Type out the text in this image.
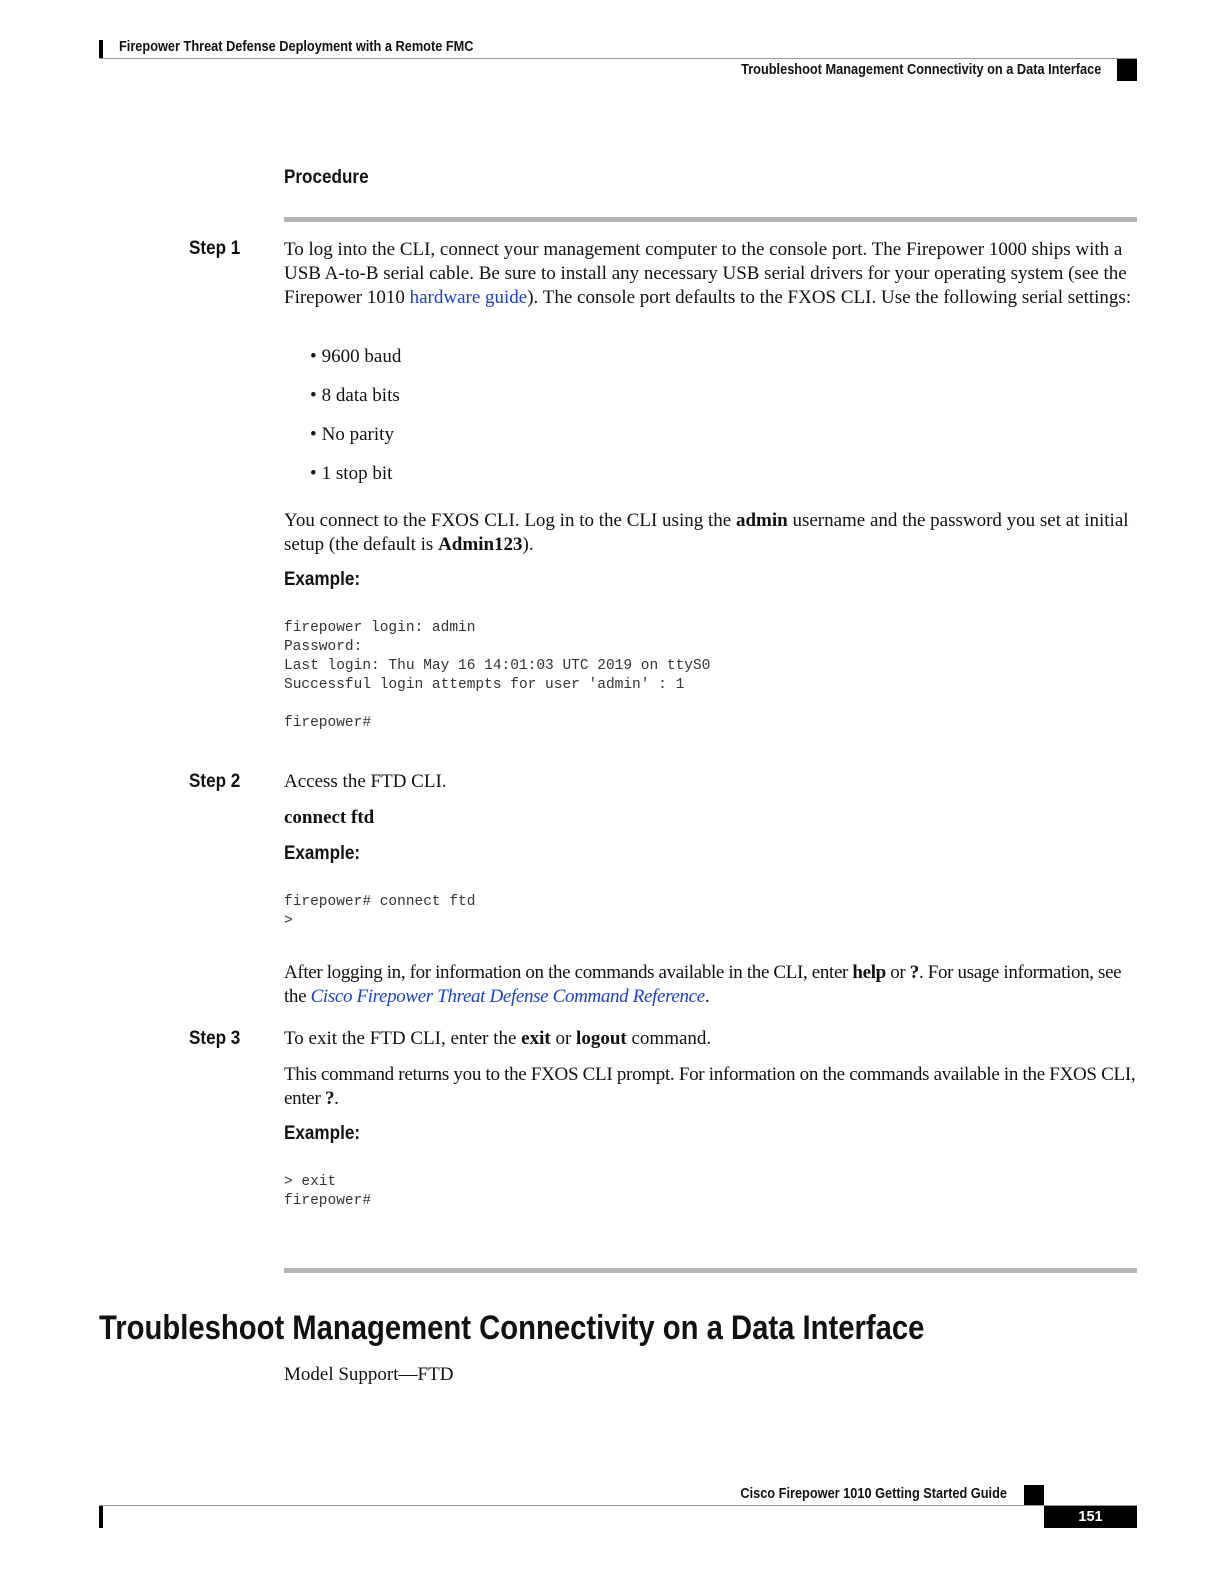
Firepower Threat Defense Deployment with a Remote FMC
Troubleshoot Management Connectivity on a Data Interface
Procedure
Step 1 To log into the CLI, connect your management computer to the console port. The Firepower 1000 ships with a USB A-to-B serial cable. Be sure to install any necessary USB serial drivers for your operating system (see the Firepower 1010 hardware guide). The console port defaults to the FXOS CLI. Use the following serial settings:
• 9600 baud
• 8 data bits
• No parity
• 1 stop bit
You connect to the FXOS CLI. Log in to the CLI using the admin username and the password you set at initial setup (the default is Admin123).
Example:
firepower login: admin
Password:
Last login: Thu May 16 14:01:03 UTC 2019 on ttyS0
Successful login attempts for user 'admin' : 1

firepower#
Step 2 Access the FTD CLI.
connect ftd
Example:
firepower# connect ftd
>
After logging in, for information on the commands available in the CLI, enter help or ?. For usage information, see the Cisco Firepower Threat Defense Command Reference.
Step 3 To exit the FTD CLI, enter the exit or logout command.
This command returns you to the FXOS CLI prompt. For information on the commands available in the FXOS CLI, enter ?.
Example:
> exit
firepower#
Troubleshoot Management Connectivity on a Data Interface
Model Support—FTD
Cisco Firepower 1010 Getting Started Guide
151
